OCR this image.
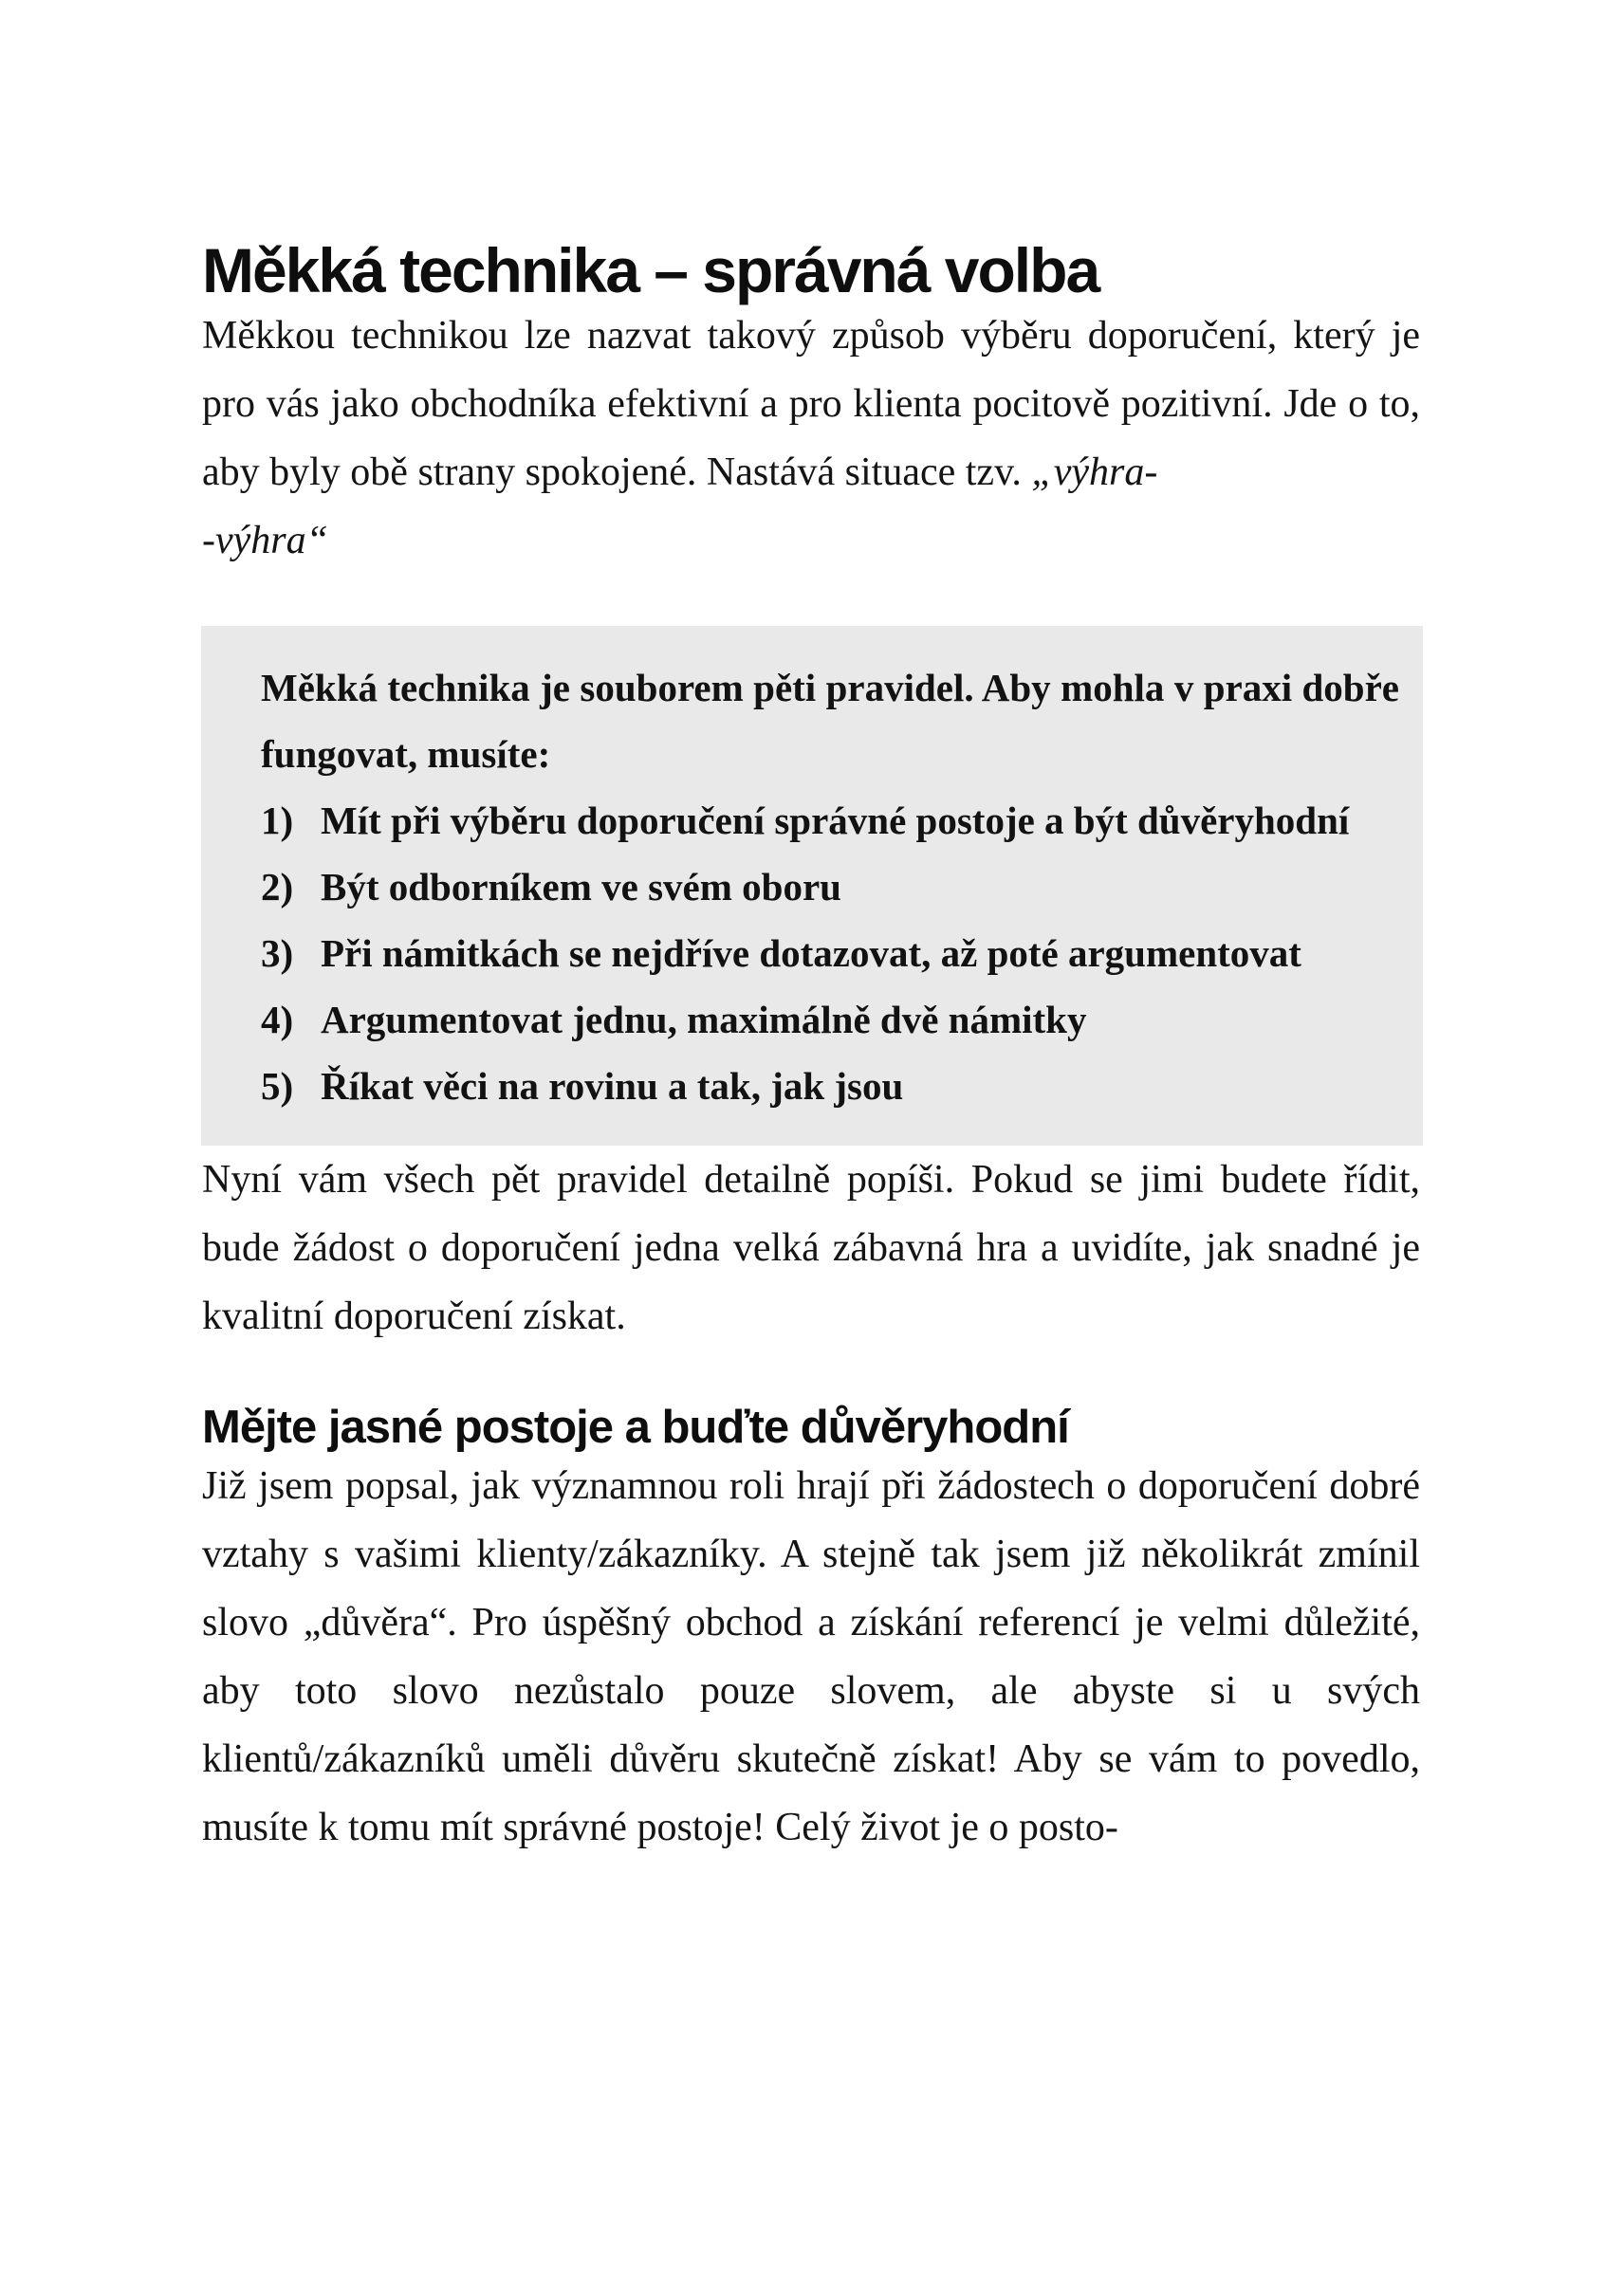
Měkká technika – správná volba

Měkkou technikou lze nazvat takový způsob výběru doporučení, který je pro vás jako obchodníka efektivní a pro klienta pocitově pozitivní. Jde o to, aby byly obě strany spokojené. Nastává situace tzv. „výhra-
-výhra“

Měkká technika je souborem pěti pravidel. Aby mohla v praxi dobře fungovat, musíte:

1) Mít při výběru doporučení správné postoje a být důvěryhodní
2) Být odborníkem ve svém oboru
3) Při námitkách se nejdříve dotazovat, až poté argumentovat
4) Argumentovat jednu, maximálně dvě námitky
5) Říkat věci na rovinu a tak, jak jsou

Nyní vám všech pět pravidel detailně popíši. Pokud se jimi budete řídit, bude žádost o doporučení jedna velká zábavná hra a uvidíte, jak snadné je kvalitní doporučení získat.

Mějte jasné postoje a buďte důvěryhodní

Již jsem popsal, jak významnou roli hrají při žádostech o doporučení dobré vztahy s vašimi klienty/zákazníky. A stejně tak jsem již několikrát zmínil slovo „důvěra“. Pro úspěšný obchod a získání referencí je velmi důležité, aby toto slovo nezůstalo pouze slovem, ale abyste si u svých klientů/zákazníků uměli důvěru skutečně získat! Aby se vám to povedlo, musíte k tomu mít správné postoje! Celý život je o posto-
